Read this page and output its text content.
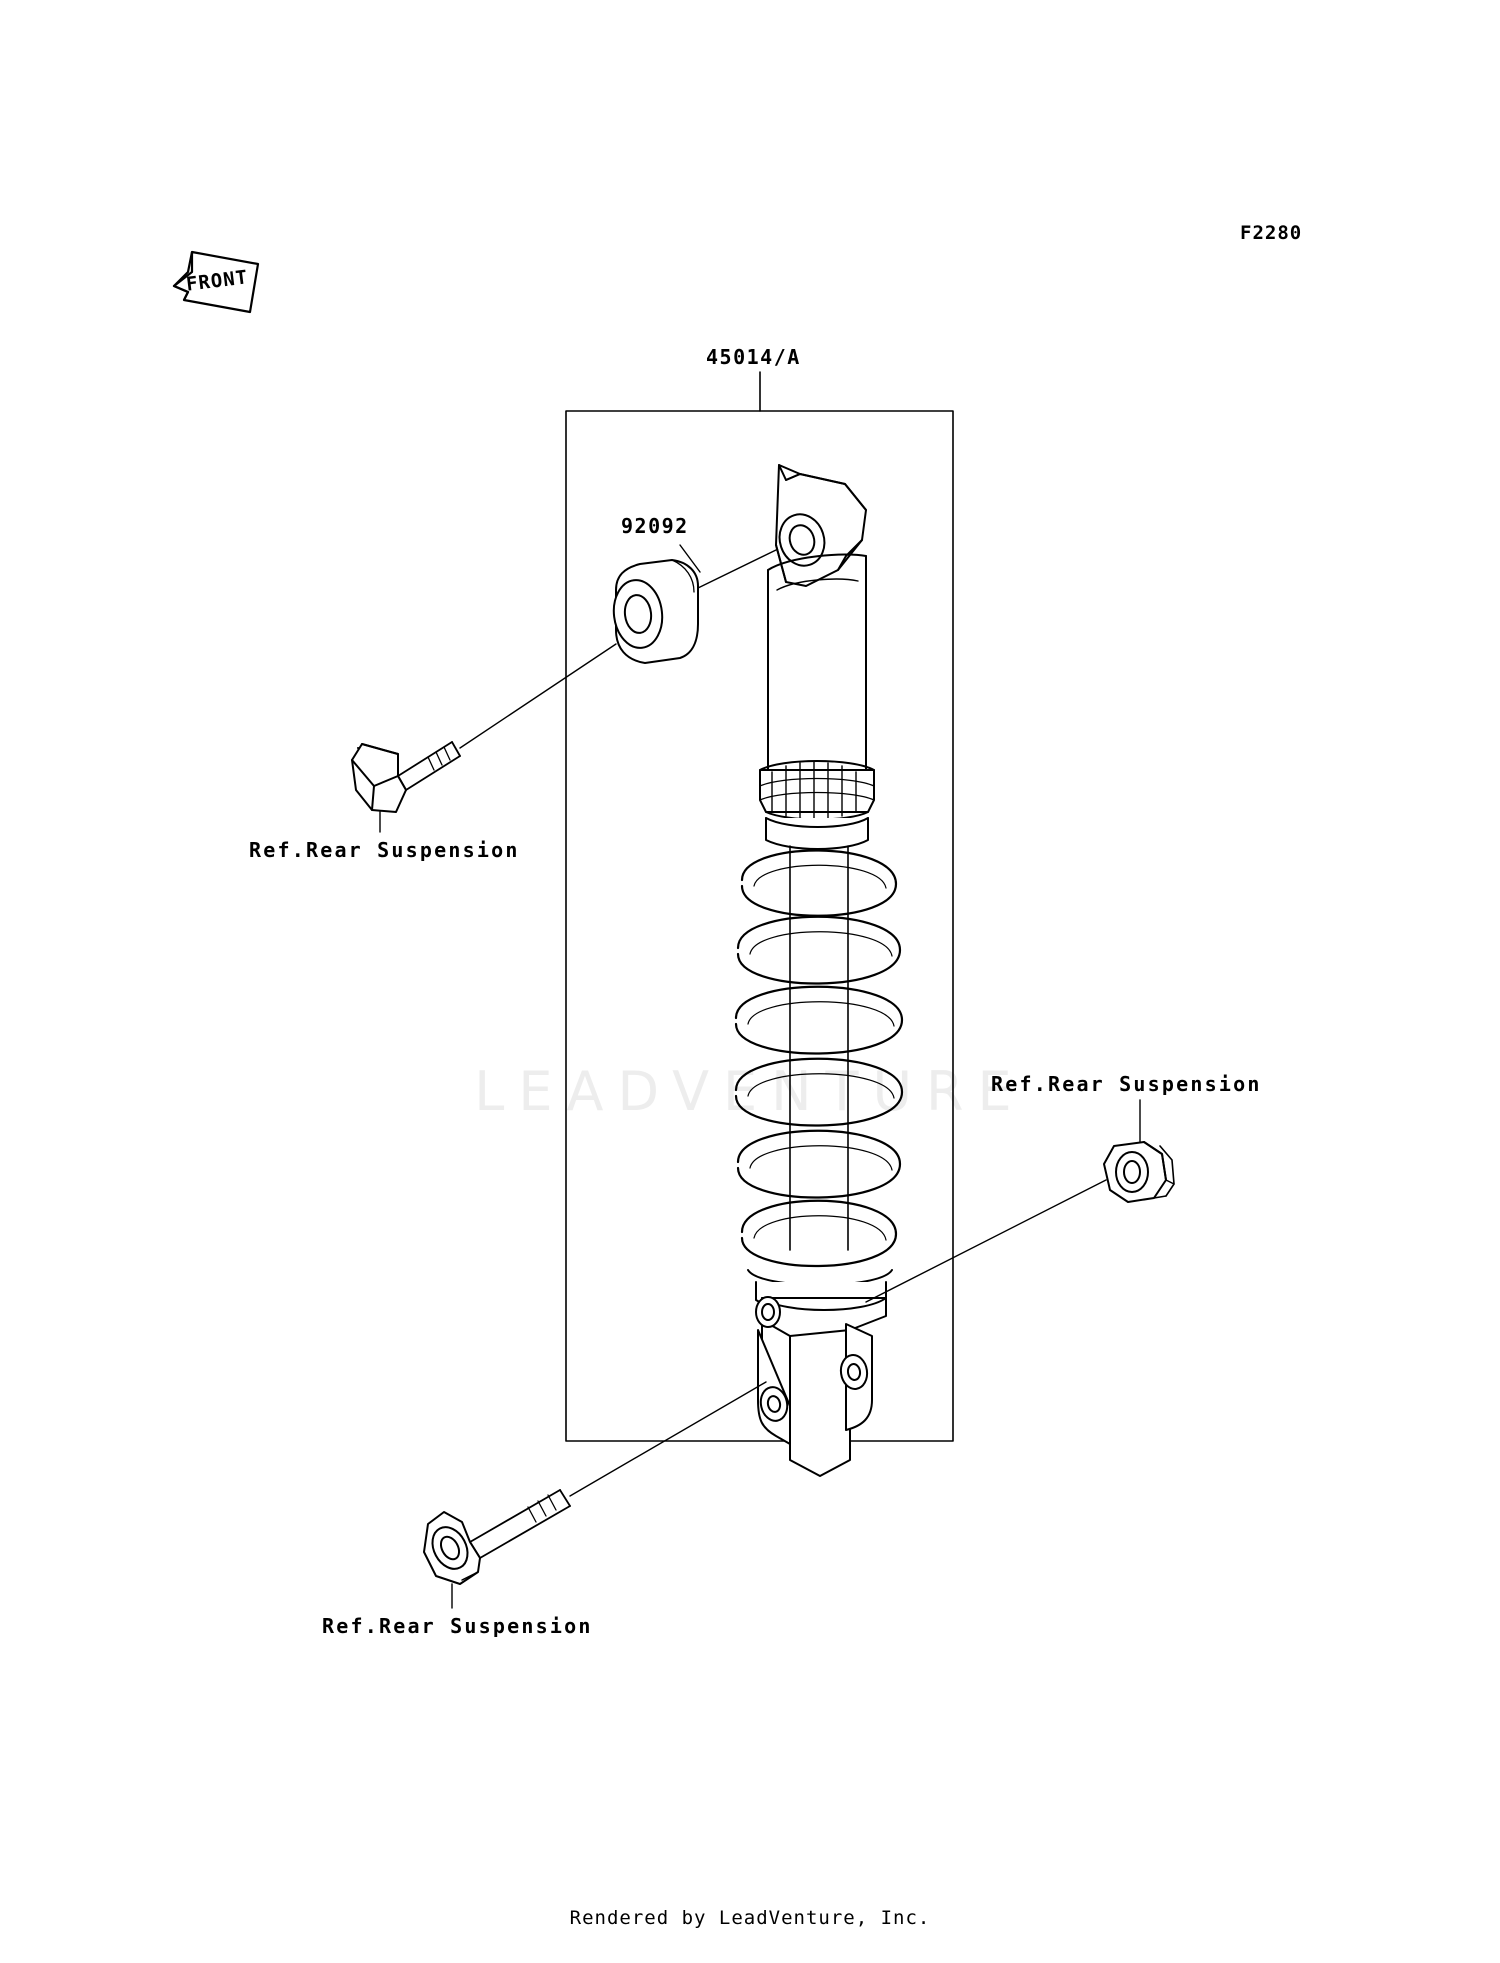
LEADVENTURE
F2280
FRONT
45014/A
92092
Ref.Rear Suspension
Ref.Rear Suspension
Ref.Rear Suspension
Rendered by LeadVenture, Inc.
